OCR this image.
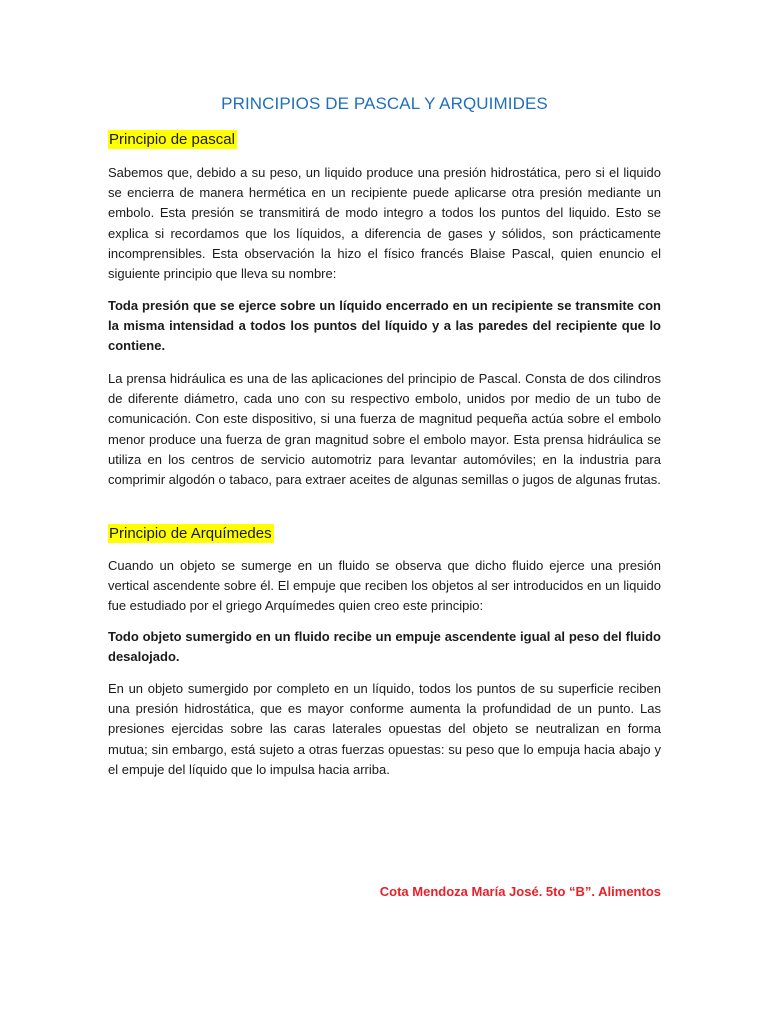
PRINCIPIOS DE PASCAL Y ARQUIMIDES
Principio de pascal

Sabemos que, debido a su peso, un liquido produce una presión hidrostática, pero si el liquido se encierra de manera hermética en un recipiente puede aplicarse otra presión mediante un embolo. Esta presión se transmitirá de modo integro a todos los puntos del liquido. Esto se explica si recordamos que los líquidos, a diferencia de gases y sólidos, son prácticamente incomprensibles. Esta observación la hizo el físico francés Blaise Pascal, quien enuncio el siguiente principio que lleva su nombre:

Toda presión que se ejerce sobre un líquido encerrado en un recipiente se transmite con la misma intensidad a todos los puntos del líquido y a las paredes del recipiente que lo contiene.

La prensa hidráulica es una de las aplicaciones del principio de Pascal. Consta de dos cilindros de diferente diámetro, cada uno con su respectivo embolo, unidos por medio de un tubo de comunicación. Con este dispositivo, si una fuerza de magnitud pequeña actúa sobre el embolo menor produce una fuerza de gran magnitud sobre el embolo mayor. Esta prensa hidráulica se utiliza en los centros de servicio automotriz para levantar automóviles; en la industria para comprimir algodón o tabaco, para extraer aceites de algunas semillas o jugos de algunas frutas.

Principio de Arquímedes

Cuando un objeto se sumerge en un fluido se observa que dicho fluido ejerce una presión vertical ascendente sobre él. El empuje que reciben los objetos al ser introducidos en un liquido fue estudiado por el griego Arquímedes quien creo este principio:

Todo objeto sumergido en un fluido recibe un empuje ascendente igual al peso del fluido desalojado.

En un objeto sumergido por completo en un líquido, todos los puntos de su superficie reciben una presión hidrostática, que es mayor conforme aumenta la profundidad de un punto. Las presiones ejercidas sobre las caras laterales opuestas del objeto se neutralizan en forma mutua; sin embargo, está sujeto a otras fuerzas opuestas: su peso que lo empuja hacia abajo y el empuje del líquido que lo impulsa hacia arriba.

Cota Mendoza María José. 5to “B”. Alimentos
